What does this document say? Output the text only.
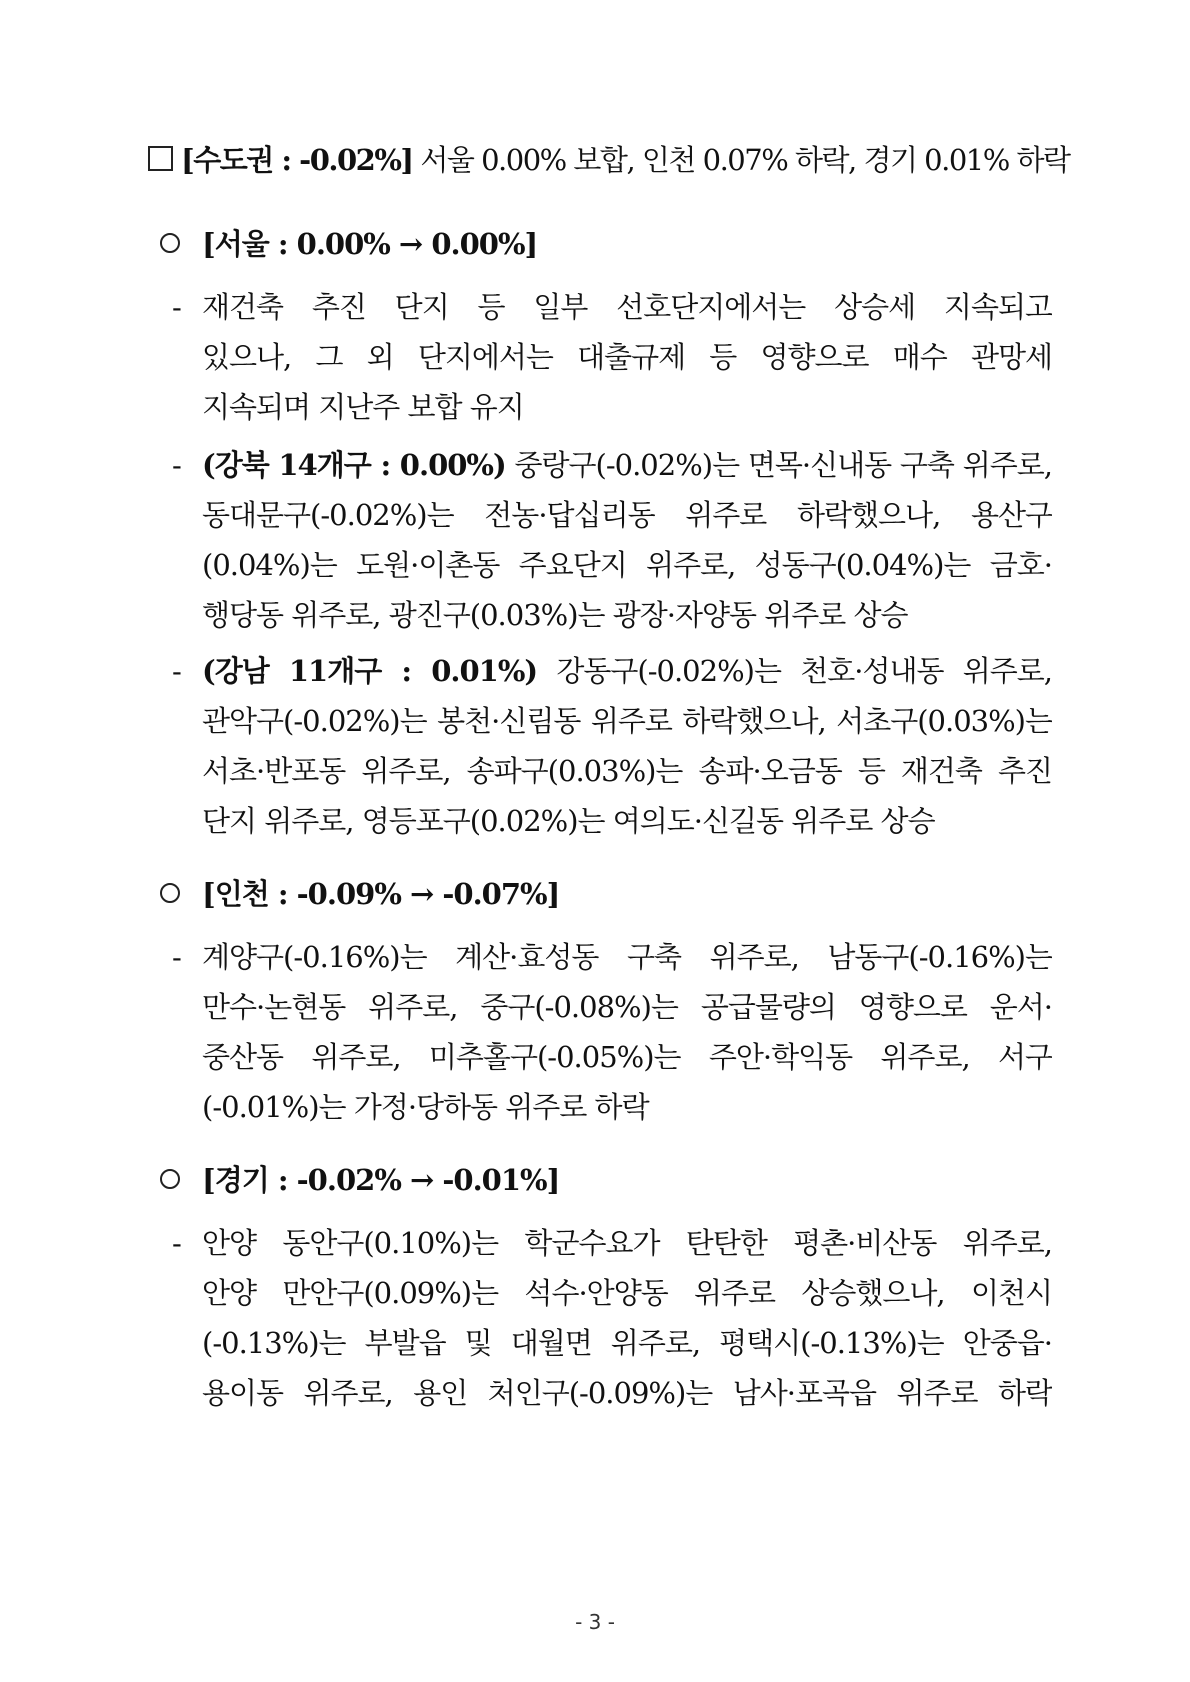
[수도권 : -0.02%] 서울 0.00% 보합, 인천 0.07% 하락, 경기 0.01% 하락
[서울 : 0.00% → 0.00%]
- 재건축 추진 단지 등 일부 선호단지에서는 상승세 지속되고
있으나, 그 외 단지에서는 대출규제 등 영향으로 매수 관망세
지속되며 지난주 보합 유지
- (강북 14개구 : 0.00%) 중랑구(-0.02%)는 면목·신내동 구축 위주로,
동대문구(-0.02%)는 전농·답십리동 위주로 하락했으나, 용산구
(0.04%)는 도원·이촌동 주요단지 위주로, 성동구(0.04%)는 금호·
행당동 위주로, 광진구(0.03%)는 광장·자양동 위주로 상승
- (강남 11개구 : 0.01%) 강동구(-0.02%)는 천호·성내동 위주로,
관악구(-0.02%)는 봉천·신림동 위주로 하락했으나, 서초구(0.03%)는
서초·반포동 위주로, 송파구(0.03%)는 송파·오금동 등 재건축 추진
단지 위주로, 영등포구(0.02%)는 여의도·신길동 위주로 상승
[인천 : -0.09% → -0.07%]
- 계양구(-0.16%)는 계산·효성동 구축 위주로, 남동구(-0.16%)는
만수·논현동 위주로, 중구(-0.08%)는 공급물량의 영향으로 운서·
중산동 위주로, 미추홀구(-0.05%)는 주안·학익동 위주로, 서구
(-0.01%)는 가정·당하동 위주로 하락
[경기 : -0.02% → -0.01%]
- 안양 동안구(0.10%)는 학군수요가 탄탄한 평촌·비산동 위주로,
안양 만안구(0.09%)는 석수·안양동 위주로 상승했으나, 이천시
(-0.13%)는 부발읍 및 대월면 위주로, 평택시(-0.13%)는 안중읍·
용이동 위주로, 용인 처인구(-0.09%)는 남사·포곡읍 위주로 하락
- 3 -
